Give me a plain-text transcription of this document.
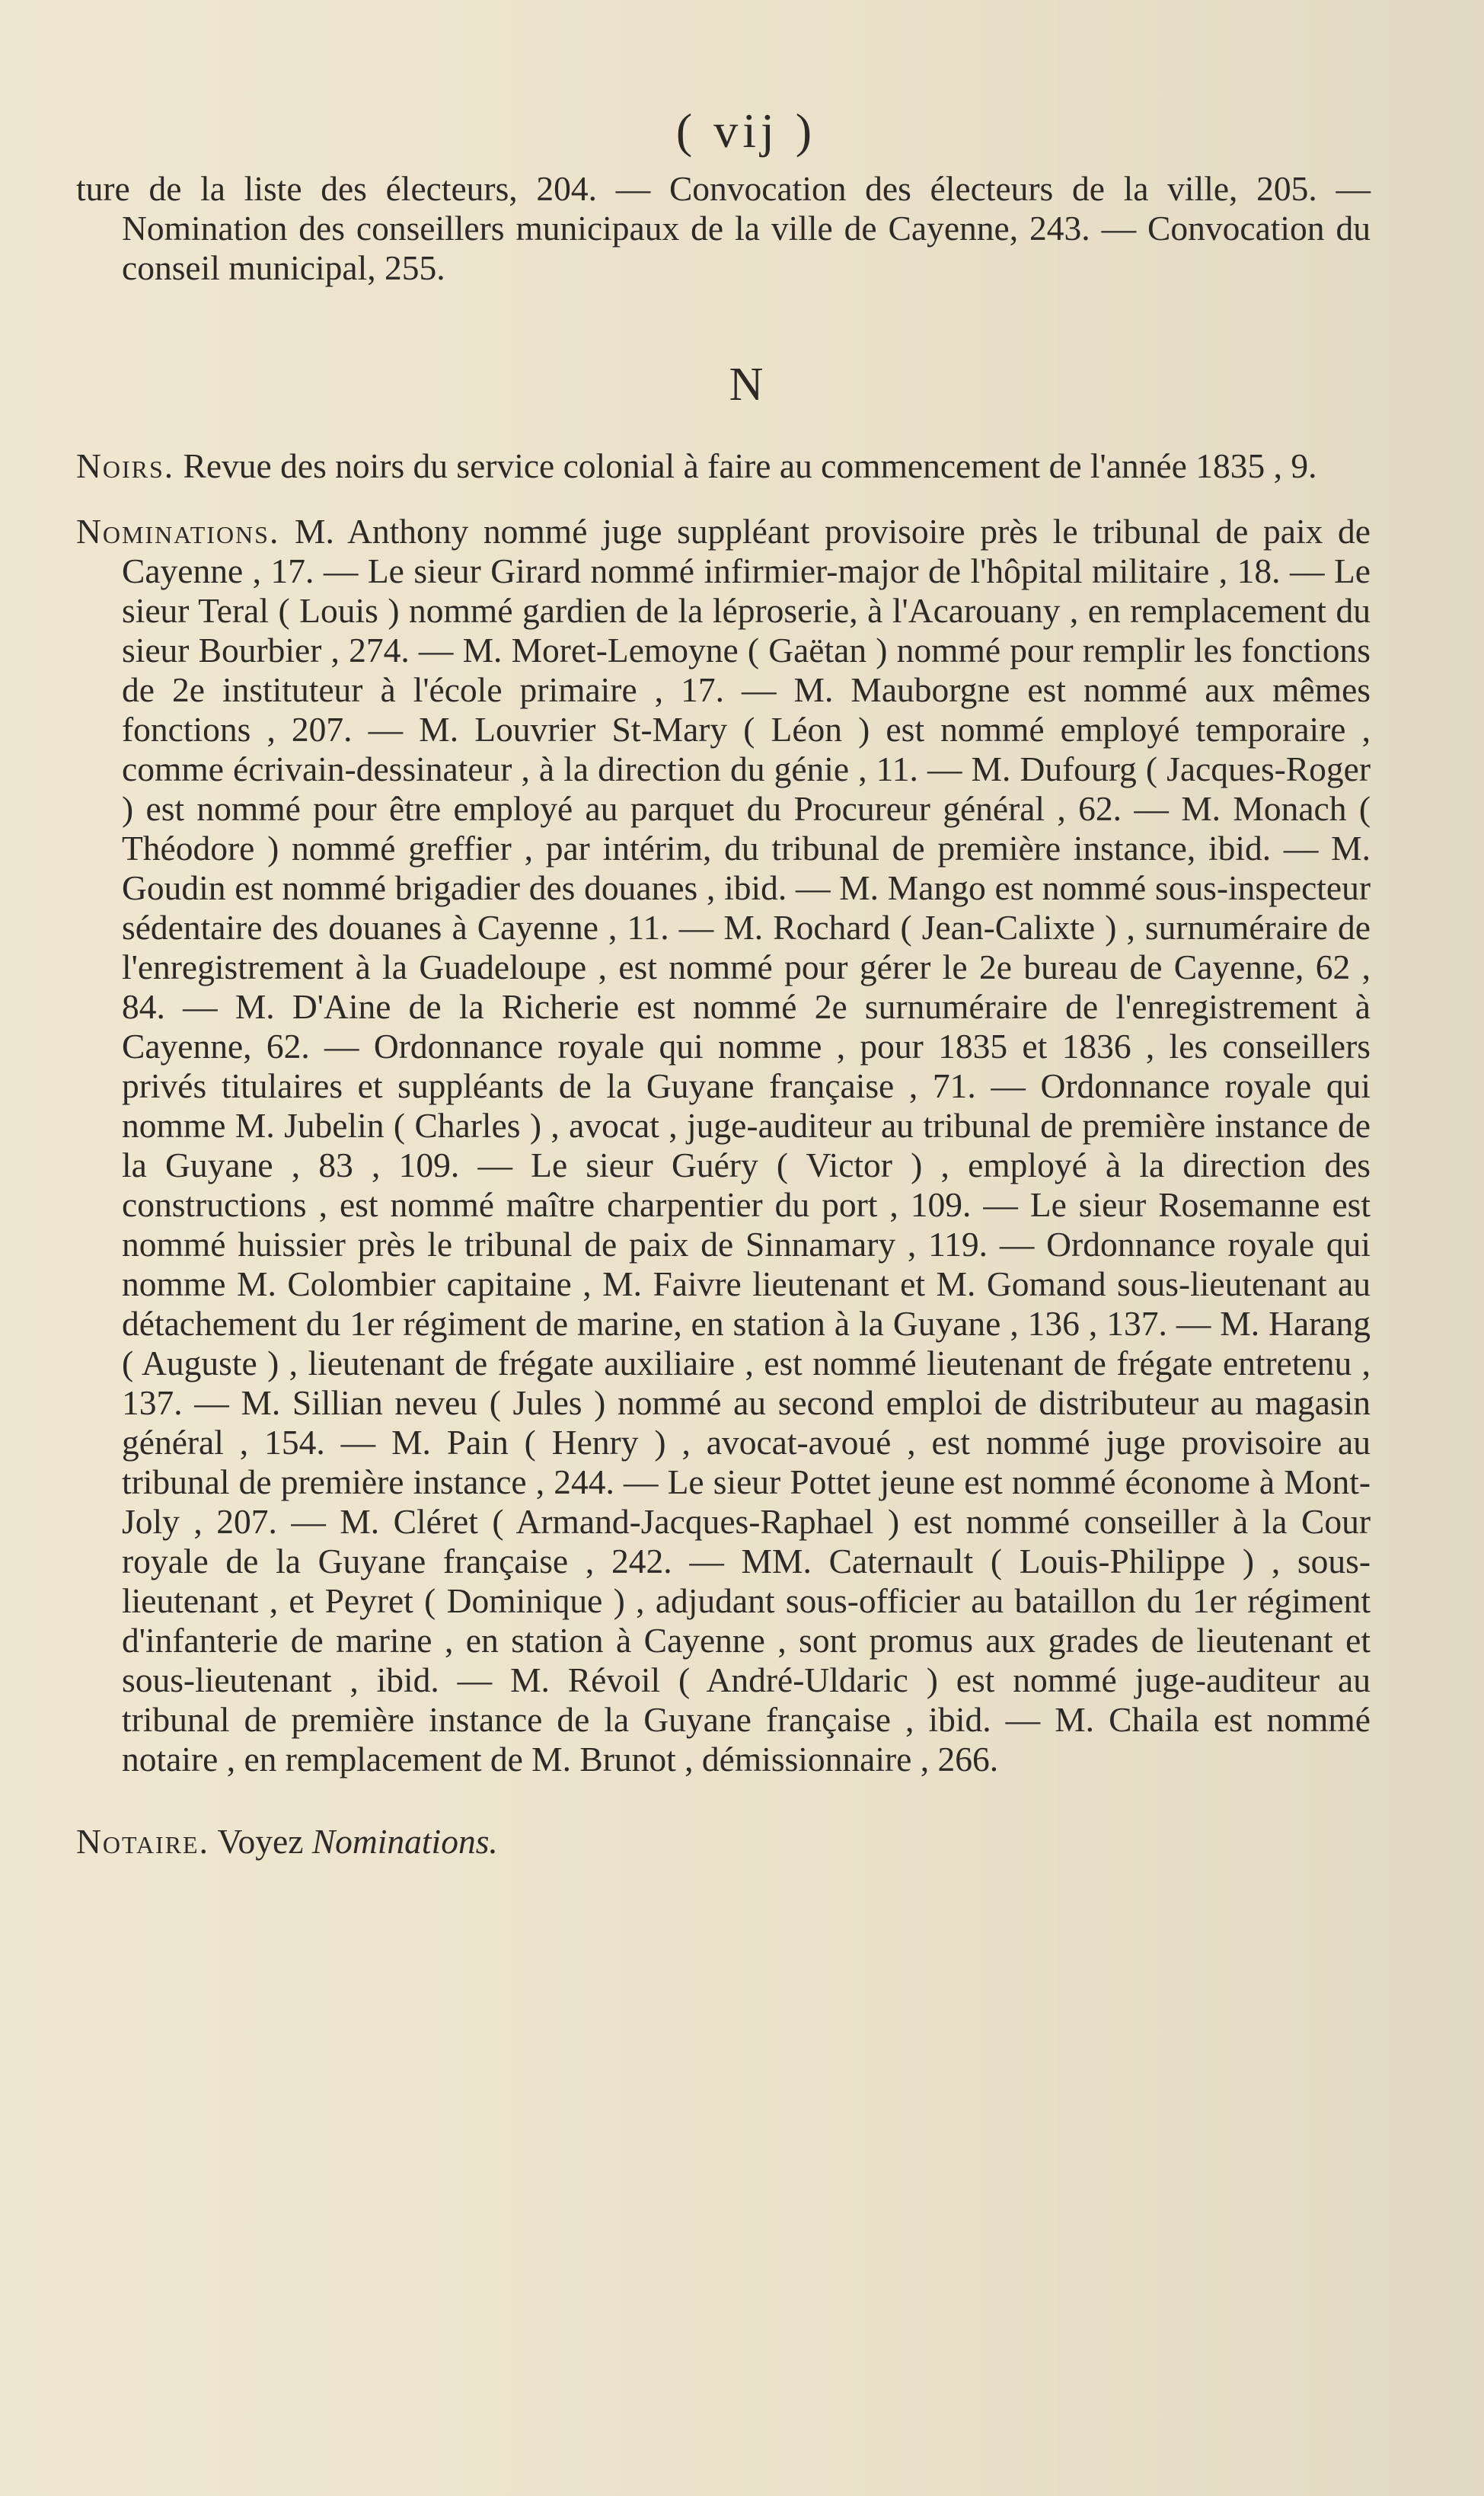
( vij )

ture de la liste des électeurs, 204. — Convocation des électeurs de la ville, 205. — Nomination des conseillers municipaux de la ville de Cayenne, 243. — Convocation du conseil municipal, 255.

N

Noirs. Revue des noirs du service colonial à faire au commencement de l'année 1835 , 9.

Nominations. M. Anthony nommé juge suppléant provisoire près le tribunal de paix de Cayenne , 17. — Le sieur Girard nommé infirmier-major de l'hôpital militaire , 18. — Le sieur Teral ( Louis ) nommé gardien de la léproserie, à l'Acarouany , en remplacement du sieur Bourbier , 274. — M. Moret-Lemoyne ( Gaëtan ) nommé pour remplir les fonctions de 2e instituteur à l'école primaire , 17. — M. Mauborgne est nommé aux mêmes fonctions , 207. — M. Louvrier St-Mary ( Léon ) est nommé employé temporaire , comme écrivain-dessinateur , à la direction du génie , 11. — M. Dufourg ( Jacques-Roger ) est nommé pour être employé au parquet du Procureur général , 62. — M. Monach ( Théodore ) nommé greffier , par intérim, du tribunal de première instance, ibid. — M. Goudin est nommé brigadier des douanes , ibid. — M. Mango est nommé sous-inspecteur sédentaire des douanes à Cayenne , 11. — M. Rochard ( Jean-Calixte ) , surnuméraire de l'enregistrement à la Guadeloupe , est nommé pour gérer le 2e bureau de Cayenne, 62 , 84. — M. D'Aine de la Richerie est nommé 2e surnuméraire de l'enregistrement à Cayenne, 62. — Ordonnance royale qui nomme , pour 1835 et 1836 , les conseillers privés titulaires et suppléants de la Guyane française , 71. — Ordonnance royale qui nomme M. Jubelin ( Charles ) , avocat , juge-auditeur au tribunal de première instance de la Guyane , 83 , 109. — Le sieur Guéry ( Victor ) , employé à la direction des constructions , est nommé maître charpentier du port , 109. — Le sieur Rosemanne est nommé huissier près le tribunal de paix de Sinnamary , 119. — Ordonnance royale qui nomme M. Colombier capitaine , M. Faivre lieutenant et M. Gomand sous-lieutenant au détachement du 1er régiment de marine, en station à la Guyane , 136 , 137. — M. Harang ( Auguste ) , lieutenant de frégate auxiliaire , est nommé lieutenant de frégate entretenu , 137. — M. Sillian neveu ( Jules ) nommé au second emploi de distributeur au magasin général , 154. — M. Pain ( Henry ) , avocat-avoué , est nommé juge provisoire au tribunal de première instance , 244. — Le sieur Pottet jeune est nommé économe à Mont-Joly , 207. — M. Cléret ( Armand-Jacques-Raphael ) est nommé conseiller à la Cour royale de la Guyane française , 242. — MM. Caternault ( Louis-Philippe ) , sous-lieutenant , et Peyret ( Dominique ) , adjudant sous-officier au bataillon du 1er régiment d'infanterie de marine , en station à Cayenne , sont promus aux grades de lieutenant et sous-lieutenant , ibid. — M. Révoil ( André-Uldaric ) est nommé juge-auditeur au tribunal de première instance de la Guyane française , ibid. — M. Chaila est nommé notaire , en remplacement de M. Brunot , démissionnaire , 266.

Notaire. Voyez Nominations.
